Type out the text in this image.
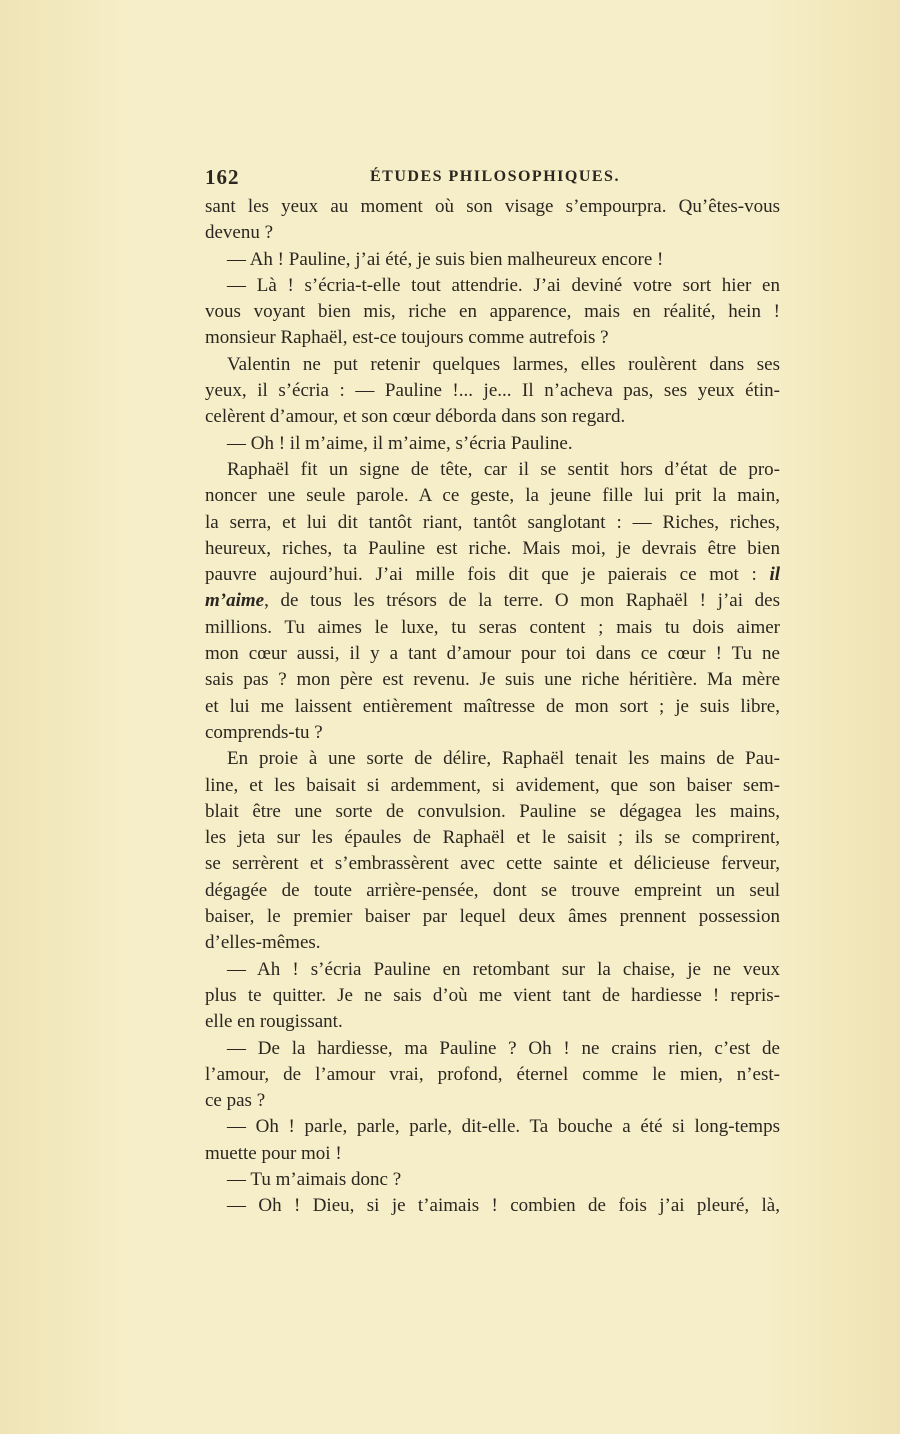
162	ÉTUDES PHILOSOPHIQUES.
sant les yeux au moment où son visage s’empourpra. Qu’êtes-vous
devenu ?
— Ah ! Pauline, j’ai été, je suis bien malheureux encore !
— Là ! s’écria-t-elle tout attendrie. J’ai deviné votre sort hier en
vous voyant bien mis, riche en apparence, mais en réalité, hein !
monsieur Raphaël, est-ce toujours comme autrefois ?
Valentin ne put retenir quelques larmes, elles roulèrent dans ses
yeux, il s’écria : — Pauline !... je... Il n’acheva pas, ses yeux étin-
celèrent d’amour, et son cœur déborda dans son regard.
— Oh ! il m’aime, il m’aime, s’écria Pauline.
Raphaël fit un signe de tête, car il se sentit hors d’état de pro-
noncer une seule parole. A ce geste, la jeune fille lui prit la main,
la serra, et lui dit tantôt riant, tantôt sanglotant : — Riches, riches,
heureux, riches, ta Pauline est riche. Mais moi, je devrais être bien
pauvre aujourd’hui. J’ai mille fois dit que je paierais ce mot : il
m’aime, de tous les trésors de la terre. O mon Raphaël ! j’ai des
millions. Tu aimes le luxe, tu seras content ; mais tu dois aimer
mon cœur aussi, il y a tant d’amour pour toi dans ce cœur ! Tu ne
sais pas ? mon père est revenu. Je suis une riche héritière. Ma mère
et lui me laissent entièrement maîtresse de mon sort ; je suis libre,
comprends-tu ?
En proie à une sorte de délire, Raphaël tenait les mains de Pau-
line, et les baisait si ardemment, si avidement, que son baiser sem-
blait être une sorte de convulsion. Pauline se dégagea les mains,
les jeta sur les épaules de Raphaël et le saisit ; ils se comprirent,
se serrèrent et s’embrassèrent avec cette sainte et délicieuse ferveur,
dégagée de toute arrière-pensée, dont se trouve empreint un seul
baiser, le premier baiser par lequel deux âmes prennent possession
d’elles-mêmes.
— Ah ! s’écria Pauline en retombant sur la chaise, je ne veux
plus te quitter. Je ne sais d’où me vient tant de hardiesse ! repris-
elle en rougissant.
— De la hardiesse, ma Pauline ? Oh ! ne crains rien, c’est de
l’amour, de l’amour vrai, profond, éternel comme le mien, n’est-
ce pas ?
— Oh ! parle, parle, parle, dit-elle. Ta bouche a été si long-temps
muette pour moi !
— Tu m’aimais donc ?
— Oh ! Dieu, si je t’aimais ! combien de fois j’ai pleuré, là,
